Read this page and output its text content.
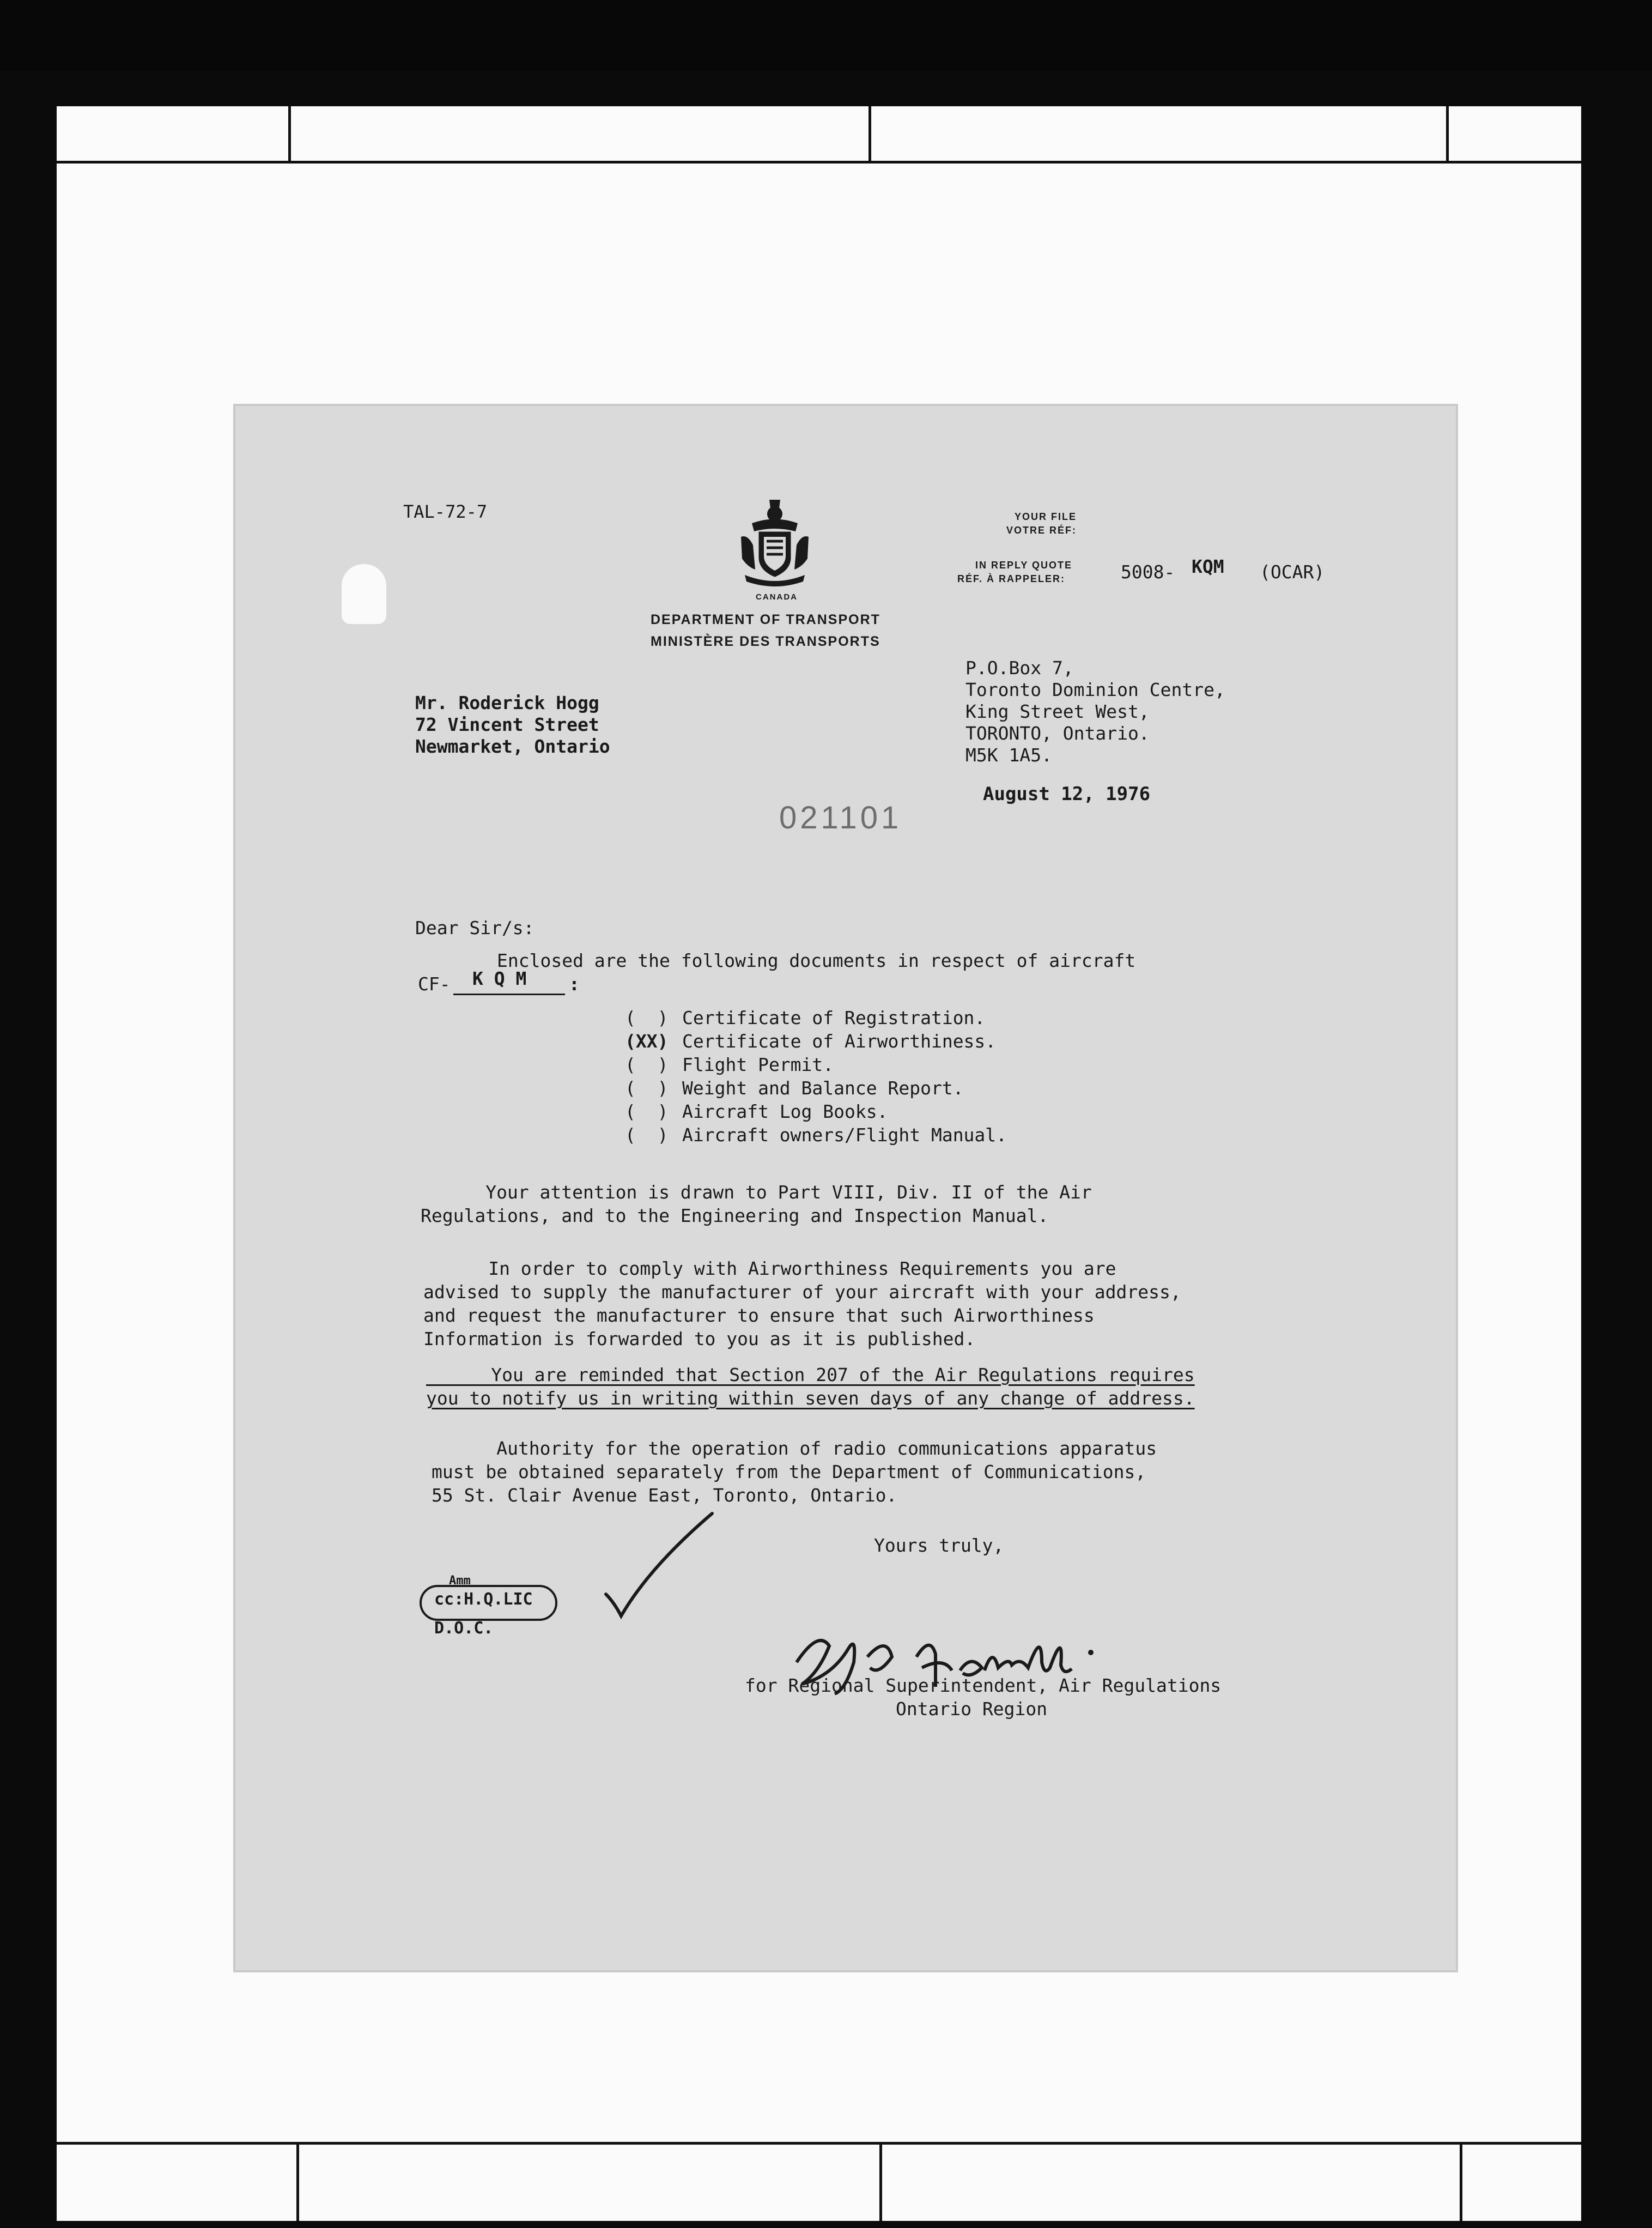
TAL-72-7
CANADA
DEPARTMENT OF TRANSPORT
MINISTÈRE DES TRANSPORTS
YOUR FILE
VOTRE RÉF:
IN REPLY QUOTE
RÉF. À RAPPELER:	5008- KQM (OCAR)
P.O.Box 7,
Toronto Dominion Centre,
King Street West,
TORONTO, Ontario.
M5K 1A5.
August 12, 1976
Mr. Roderick Hogg
72 Vincent Street
Newmarket, Ontario
021101
Dear Sir/s:
Enclosed are the following documents in respect of aircraft
CF- K Q M :
(  ) Certificate of Registration.
(XX) Certificate of Airworthiness.
(  ) Flight Permit.
(  ) Weight and Balance Report.
(  ) Aircraft Log Books.
(  ) Aircraft owners/Flight Manual.
Your attention is drawn to Part VIII, Div. II of the Air
Regulations, and to the Engineering and Inspection Manual.
In order to comply with Airworthiness Requirements you are
advised to supply the manufacturer of your aircraft with your address,
and request the manufacturer to ensure that such Airworthiness
Information is forwarded to you as it is published.
You are reminded that Section 207 of the Air Regulations requires
you to notify us in writing within seven days of any change of address.
Authority for the operation of radio communications apparatus
must be obtained separately from the Department of Communications,
55 St. Clair Avenue East, Toronto, Ontario.
Yours truly,
Amm
cc:H.Q.LIC
D.O.C.
for Regional Superintendent, Air Regulations
Ontario Region
